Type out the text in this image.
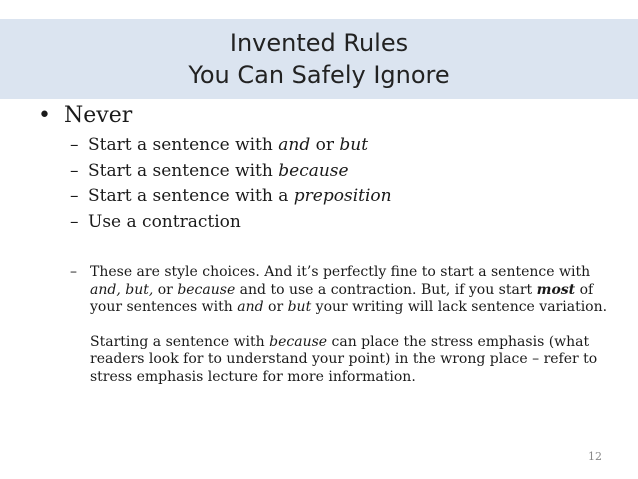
Invented Rules
You Can Safely Ignore
• Never
– Start a sentence with and or but
– Start a sentence with because
– Start a sentence with a preposition
– Use a contraction
– These are style choices. And it’s perfectly fine to start a sentence with and, but, or because and to use a contraction. But, if you start most of your sentences with and or but your writing will lack sentence variation.

Starting a sentence with because can place the stress emphasis (what readers look for to understand your point) in the wrong place – refer to stress emphasis lecture for more information.

12
